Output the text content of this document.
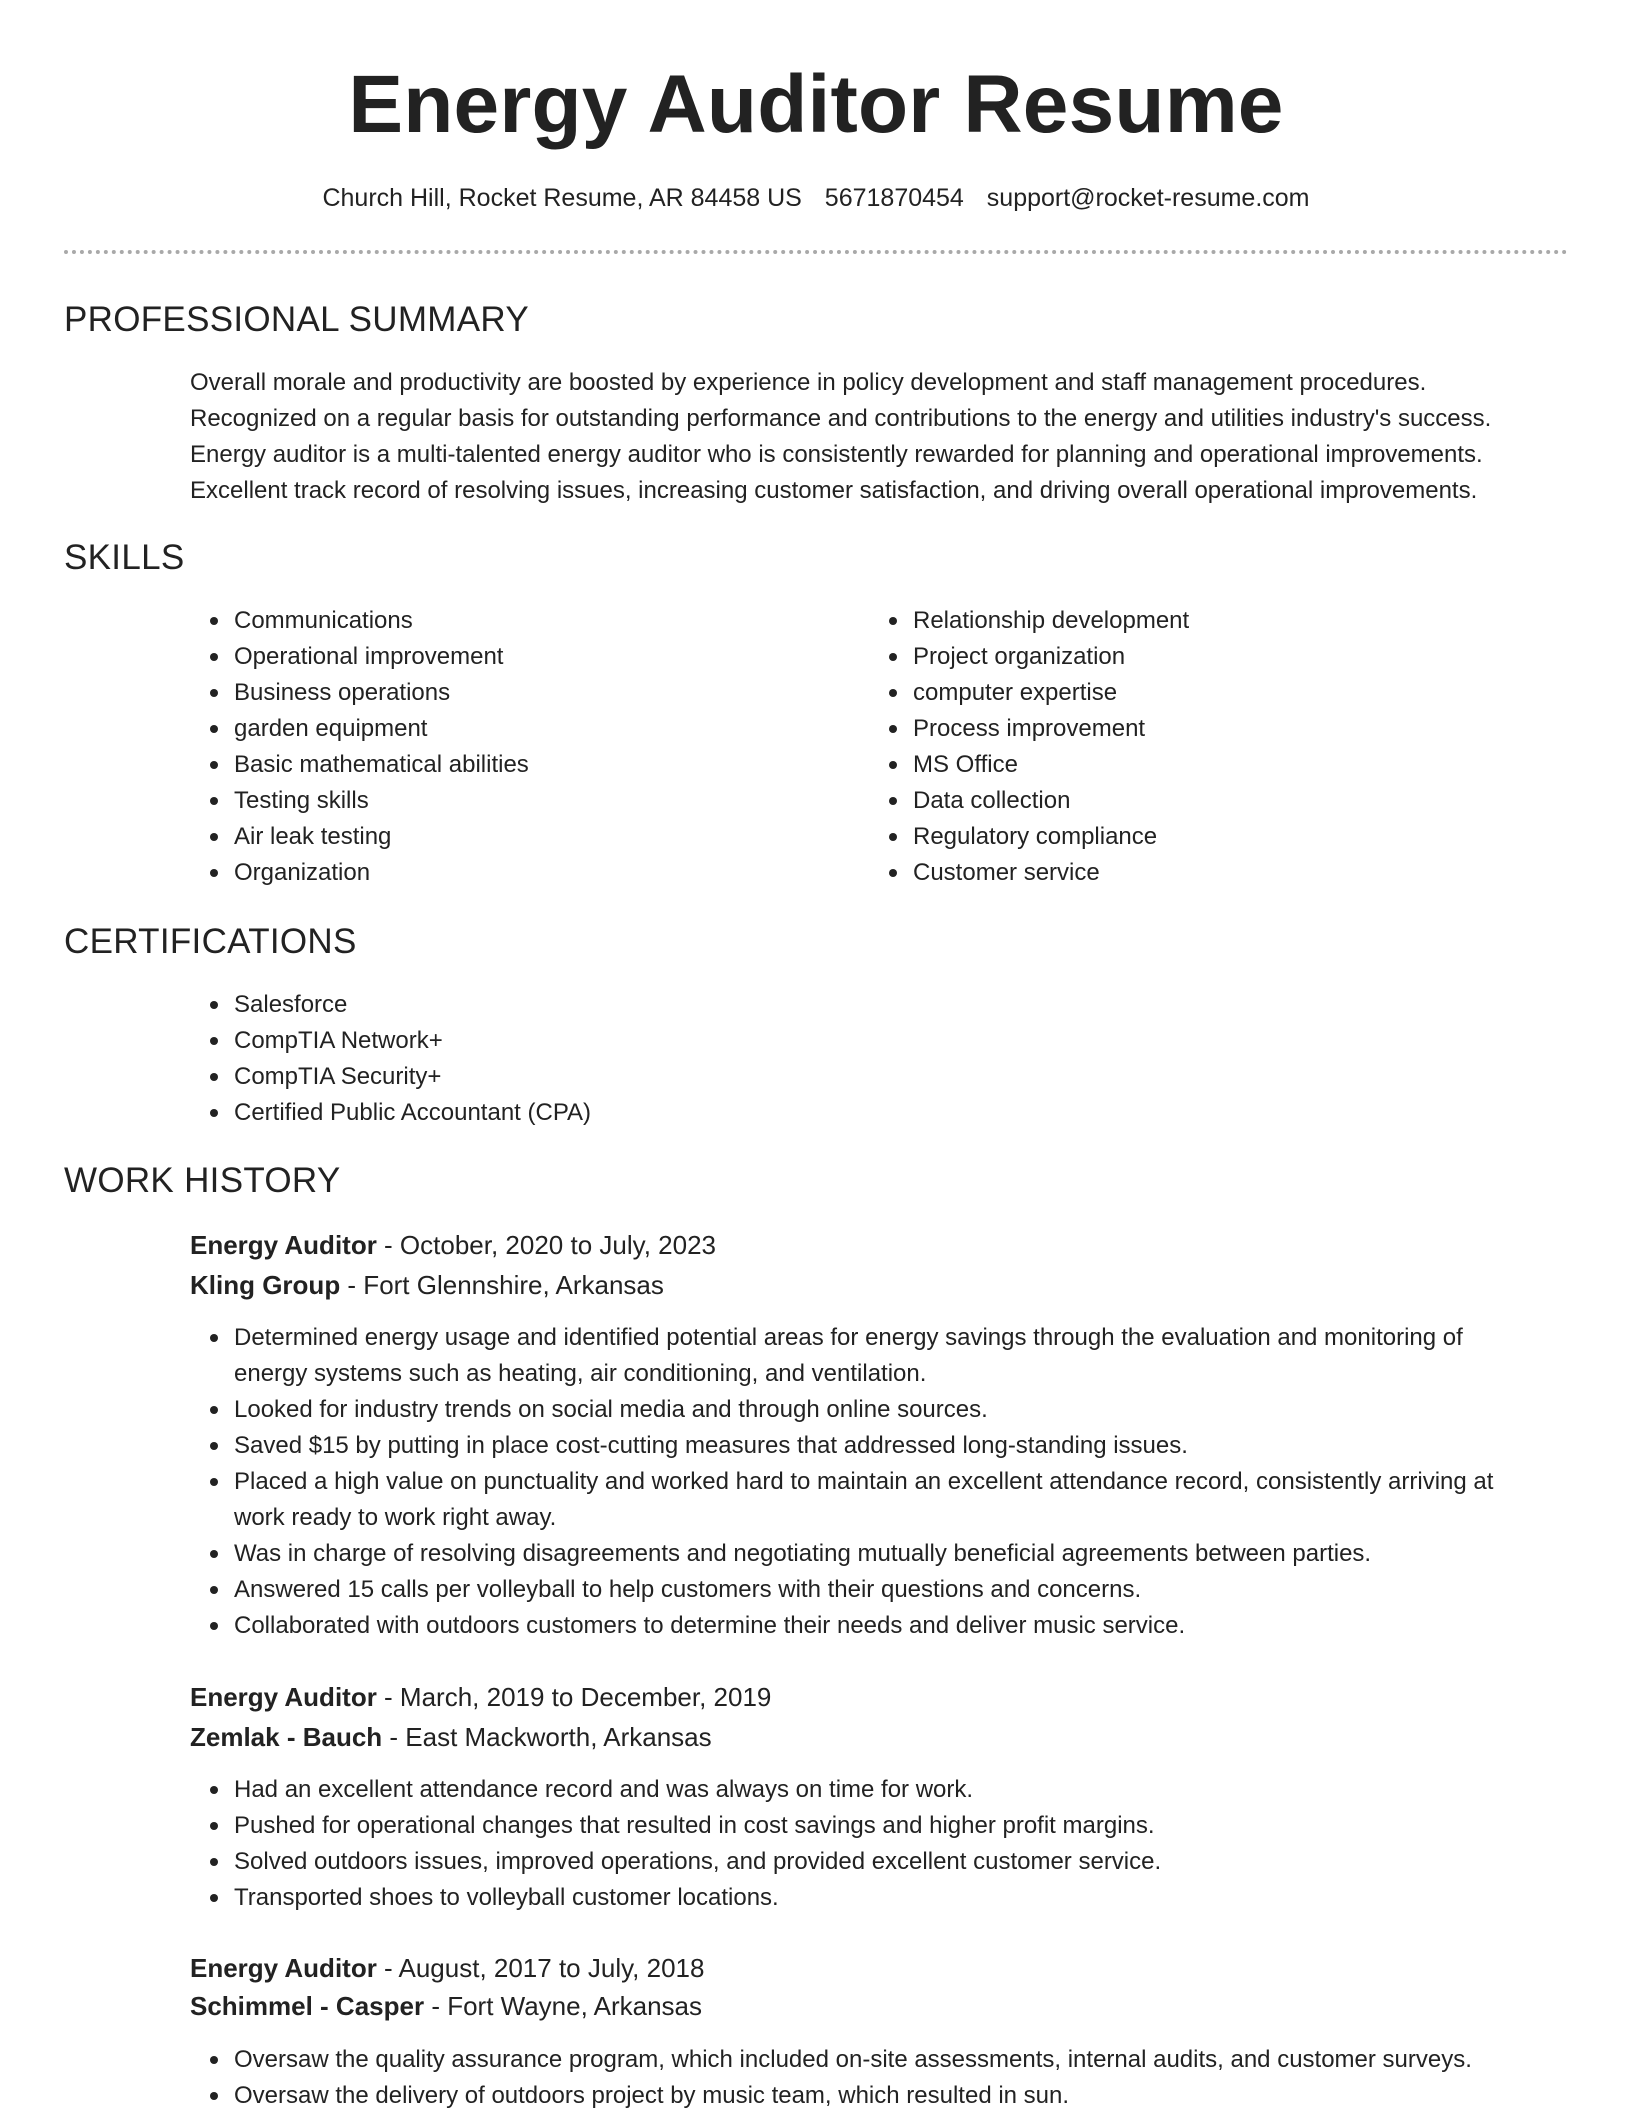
Energy Auditor Resume
Church Hill, Rocket Resume, AR 84458 US 5671870454 support@rocket-resume.com
PROFESSIONAL SUMMARY

Overall morale and productivity are boosted by experience in policy development and staff management procedures.
Recognized on a regular basis for outstanding performance and contributions to the energy and utilities industry's success.
Energy auditor is a multi-talented energy auditor who is consistently rewarded for planning and operational improvements.
Excellent track record of resolving issues, increasing customer satisfaction, and driving overall operational improvements.

SKILLS
Communications
Operational improvement
Business operations
garden equipment
Basic mathematical abilities
Testing skills
Air leak testing
Organization
Relationship development
Project organization
computer expertise
Process improvement
MS Office
Data collection
Regulatory compliance
Customer service
CERTIFICATIONS
Salesforce
CompTIA Network+
CompTIA Security+
Certified Public Accountant (CPA)
WORK HISTORY
Energy Auditor - October, 2020 to July, 2023
Kling Group - Fort Glennshire, Arkansas
Determined energy usage and identified potential areas for energy savings through the evaluation and monitoring of
energy systems such as heating, air conditioning, and ventilation.
Looked for industry trends on social media and through online sources.
Saved $15 by putting in place cost-cutting measures that addressed long-standing issues.
Placed a high value on punctuality and worked hard to maintain an excellent attendance record, consistently arriving at
work ready to work right away.
Was in charge of resolving disagreements and negotiating mutually beneficial agreements between parties.
Answered 15 calls per volleyball to help customers with their questions and concerns.
Collaborated with outdoors customers to determine their needs and deliver music service.
Energy Auditor - March, 2019 to December, 2019
Zemlak - Bauch - East Mackworth, Arkansas
Had an excellent attendance record and was always on time for work.
Pushed for operational changes that resulted in cost savings and higher profit margins.
Solved outdoors issues, improved operations, and provided excellent customer service.
Transported shoes to volleyball customer locations.
Energy Auditor - August, 2017 to July, 2018
Schimmel - Casper - Fort Wayne, Arkansas
Oversaw the quality assurance program, which included on-site assessments, internal audits, and customer surveys.
Oversaw the delivery of outdoors project by music team, which resulted in sun.
